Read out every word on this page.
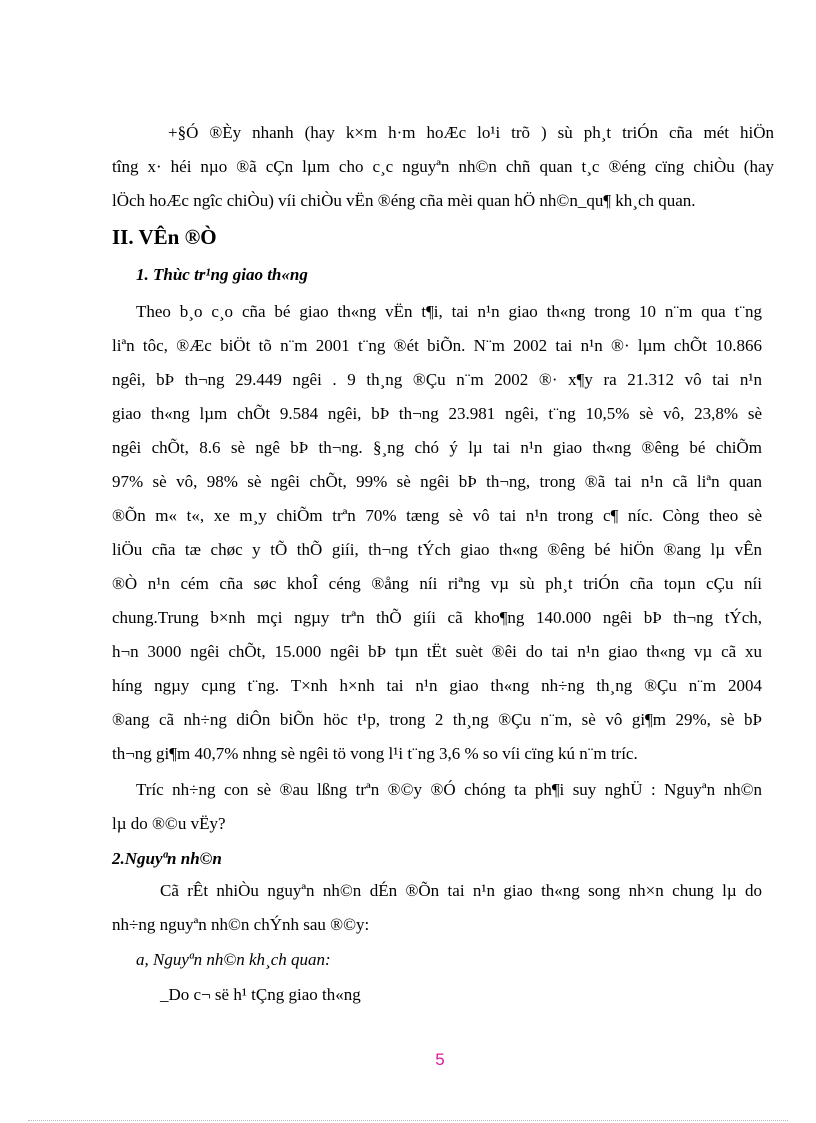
+§Ó ®Èy nhanh (hay k×m h·m hoÆc lo¹i trõ ) sù ph¸t triÓn cña mét hiÖn
tîng x· héi nµo ®ã cÇn lµm cho c¸c nguyªn nh©n chñ quan t¸c ®éng cïng chiÒu (hay
lÖch hoÆc ngîc chiÒu) víi chiÒu vËn ®éng cña mèi quan hÖ nh©n_qu¶ kh¸ch quan.
II. VÊn ®Ò
1. Thùc tr¹ng giao th«ng
Theo b¸o c¸o cña bé giao th«ng vËn t¶i, tai n¹n giao th«ng trong 10 n¨m qua t¨ng
liªn tôc, ®Æc biÖt tõ n¨m 2001 t¨ng ®ét biÕn. N¨m 2002 tai n¹n ®· lµm chÕt 10.866
ngêi, bÞ th¬ng 29.449 ngêi . 9 th¸ng ®Çu n¨m 2002 ®· x¶y ra 21.312 vô tai n¹n
giao th«ng lµm chÕt 9.584 ngêi, bÞ th¬ng 23.981 ngêi, t¨ng 10,5% sè vô, 23,8% sè
ngêi chÕt, 8.6 sè ngê bÞ th¬ng. §¸ng chó ý lµ tai n¹n giao th«ng ®êng bé chiÕm
97% sè vô, 98% sè ngêi chÕt, 99% sè ngêi bÞ th¬ng, trong ®ã tai n¹n cã liªn quan
®Õn m« t«, xe m¸y chiÕm trªn 70% tæng sè vô tai n¹n trong c¶ níc. Còng theo sè
liÖu cña tæ chøc y tÕ thÕ giíi, th¬ng tÝch giao th«ng ®êng bé hiÖn ®ang lµ vÊn
®Ò n¹n cém cña søc khoÎ céng ®ång níi riªng vµ sù ph¸t triÓn cña toµn cÇu níi
chung.Trung b×nh mçi ngµy trªn thÕ giíi cã kho¶ng 140.000 ngêi bÞ th¬ng tÝch,
h¬n 3000 ngêi chÕt, 15.000 ngêi bÞ tµn tËt suèt ®êi do tai n¹n giao th«ng vµ cã xu
híng ngµy cµng t¨ng. T×nh h×nh tai n¹n giao th«ng nh÷ng th¸ng ®Çu n¨m 2004
®ang cã nh÷ng diÔn biÕn höc t¹p, trong 2 th¸ng ®Çu n¨m, sè vô gi¶m 29%, sè bÞ
th¬ng gi¶m 40,7% nhng sè ngêi tö vong l¹i t¨ng 3,6 % so víi cïng kú n¨m tríc.
Tríc nh÷ng con sè ®au lßng trªn ®©y ®Ó chóng ta ph¶i suy nghÜ : Nguyªn nh©n
lµ do ®©u vËy?
2.Nguyªn nh©n
Cã rÊt nhiÒu nguyªn nh©n dÉn ®Õn tai n¹n giao th«ng song nh×n chung lµ do
nh÷ng nguyªn nh©n chÝnh sau ®©y:
a, Nguyªn nh©n kh¸ch quan:
_Do c¬ së h¹ tÇng giao th«ng
5
